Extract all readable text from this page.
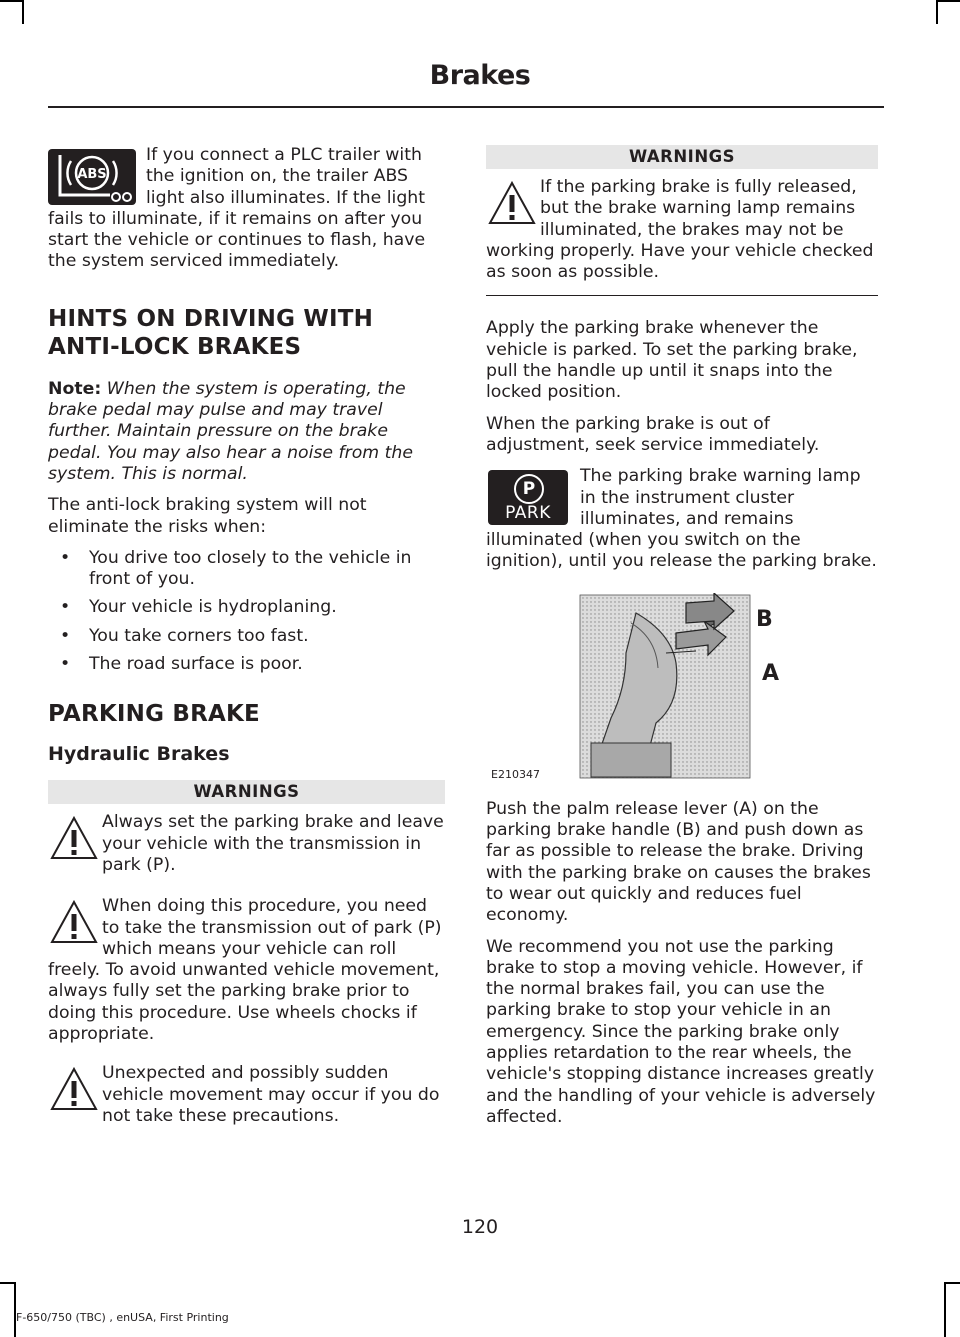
Brakes
ABS

If you connect a PLC trailer with the ignition on, the trailer ABS light also illuminates. If the light fails to illuminate, if it remains on after you start the vehicle or continues to flash, have the system serviced immediately.

HINTS ON DRIVING WITH
ANTI-LOCK BRAKES

Note: When the system is operating, the brake pedal may pulse and may travel further. Maintain pressure on the brake pedal. You may also hear a noise from the system. This is normal.

The anti-lock braking system will not eliminate the risks when:

• You drive too closely to the vehicle in front of you.
• Your vehicle is hydroplaning.
• You take corners too fast.
• The road surface is poor.
PARKING BRAKE
Hydraulic Brakes
WARNINGS

Always set the parking brake and leave your vehicle with the transmission in park (P).

When doing this procedure, you need to take the transmission out of park (P) which means your vehicle can roll freely. To avoid unwanted vehicle movement, always fully set the parking brake prior to doing this procedure. Use wheels chocks if appropriate.

Unexpected and possibly sudden vehicle movement may occur if you do not take these precautions.

WARNINGS

If the parking brake is fully released, but the brake warning lamp remains illuminated, the brakes may not be working properly. Have your vehicle checked as soon as possible.

Apply the parking brake whenever the vehicle is parked. To set the parking brake, pull the handle up until it snaps into the locked position.

When the parking brake is out of adjustment, seek service immediately.

P
PARK

The parking brake warning lamp in the instrument cluster illuminates, and remains illuminated (when you switch on the ignition), until you release the parking brake.

B
A
E210347

Push the palm release lever (A) on the parking brake handle (B) and push down as far as possible to release the brake. Driving with the parking brake on causes the brakes to wear out quickly and reduces fuel economy.

We recommend you not use the parking brake to stop a moving vehicle. However, if the normal brakes fail, you can use the parking brake to stop your vehicle in an emergency. Since the parking brake only applies retardation to the rear wheels, the vehicle's stopping distance increases greatly and the handling of your vehicle is adversely affected.

120
F-650/750 (TBC) , enUSA, First Printing
